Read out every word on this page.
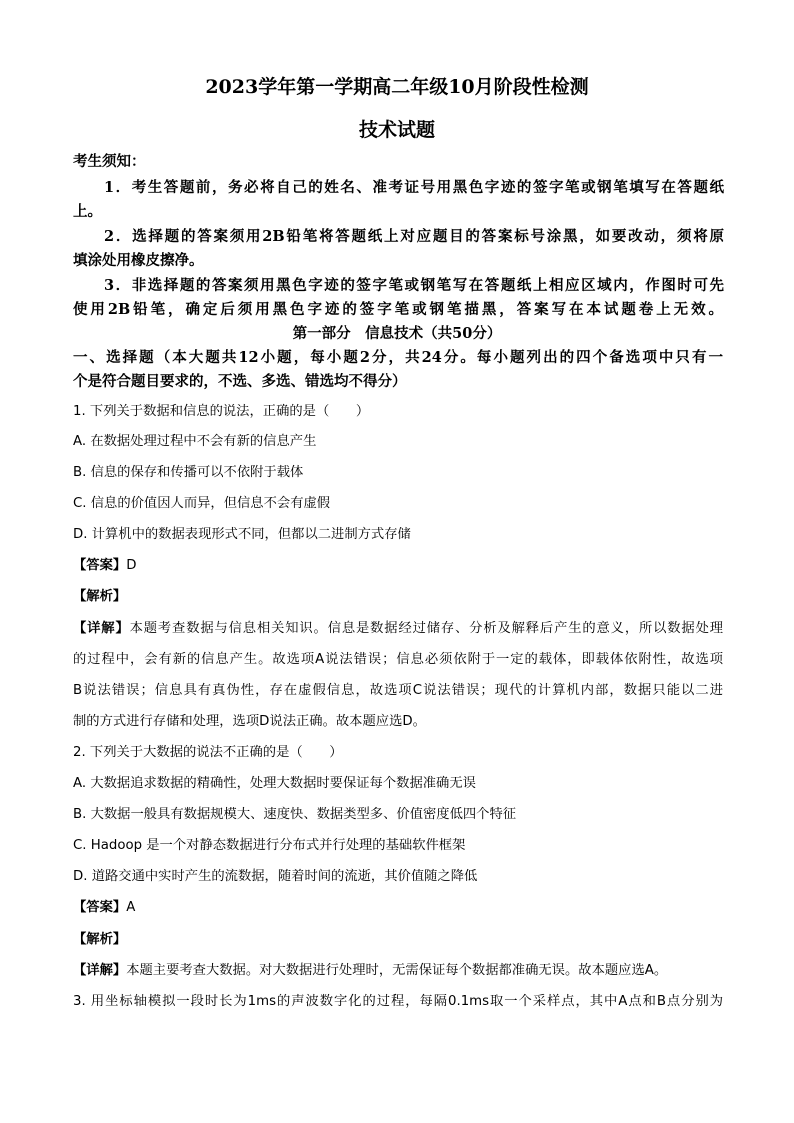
2023学年第一学期高二年级10月阶段性检测
技术试题
考生须知：
1．考生答题前，务必将自己的姓名、准考证号用黑色字迹的签字笔或钢笔填写在答题纸
上。
2．选择题的答案须用2B铅笔将答题纸上对应题目的答案标号涂黑，如要改动，须将原
填涂处用橡皮擦净。
3．非选择题的答案须用黑色字迹的签字笔或钢笔写在答题纸上相应区域内，作图时可先
使用2B铅笔，确定后须用黑色字迹的签字笔或钢笔描黑，答案写在本试题卷上无效。
第一部分　信息技术（共50分）
一、选择题（本大题共12小题，每小题2分，共24分。每小题列出的四个备选项中只有一
个是符合题目要求的，不选、多选、错选均不得分）
1. 下列关于数据和信息的说法，正确的是（　　）
A. 在数据处理过程中不会有新的信息产生
B. 信息的保存和传播可以不依附于载体
C. 信息的价值因人而异，但信息不会有虚假
D. 计算机中的数据表现形式不同，但都以二进制方式存储
【答案】D
【解析】
【详解】本题考查数据与信息相关知识。信息是数据经过储存、分析及解释后产生的意义，所以数据处理
的过程中，会有新的信息产生。故选项A说法错误；信息必须依附于一定的载体，即载体依附性，故选项
B说法错误；信息具有真伪性，存在虚假信息，故选项C说法错误；现代的计算机内部，数据只能以二进
制的方式进行存储和处理，选项D说法正确。故本题应选D。
2. 下列关于大数据的说法不正确的是（　　）
A. 大数据追求数据的精确性，处理大数据时要保证每个数据准确无误
B. 大数据一般具有数据规模大、速度快、数据类型多、价值密度低四个特征
C. Hadoop 是一个对静态数据进行分布式并行处理的基础软件框架
D. 道路交通中实时产生的流数据，随着时间的流逝，其价值随之降低
【答案】A
【解析】
【详解】本题主要考查大数据。对大数据进行处理时，无需保证每个数据都准确无误。故本题应选A。
3. 用坐标轴模拟一段时长为1ms的声波数字化的过程，每隔0.1ms取一个采样点，其中A点和B点分别为
